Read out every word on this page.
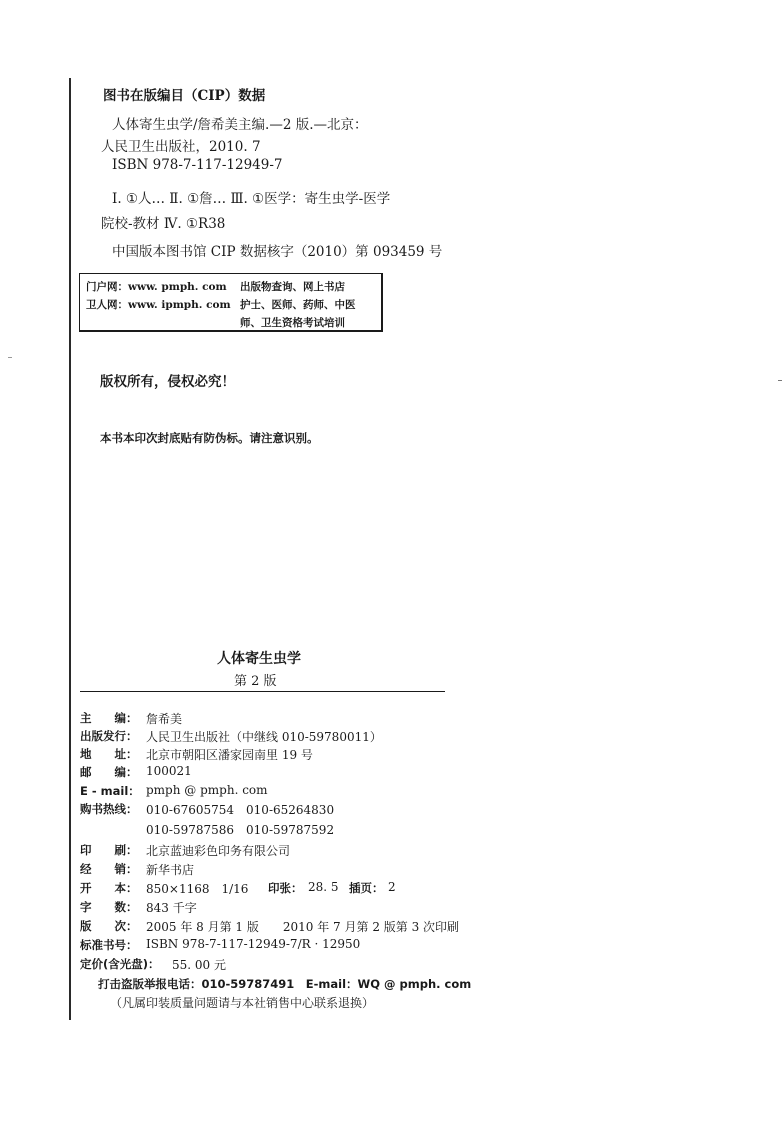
图书在版编目（CIP）数据
人体寄生虫学/詹希美主编.—2 版.—北京：
人民卫生出版社，2010. 7
ISBN 978-7-117-12949-7
Ⅰ. ①人… Ⅱ. ①詹… Ⅲ. ①医学：寄生虫学-医学
院校-教材 Ⅳ. ①R38
中国版本图书馆 CIP 数据核字（2010）第 093459 号
门户网：www. pmph. com 出版物查询、网上书店
卫人网：www. ipmph. com 护士、医师、药师、中医
师、卫生资格考试培训
版权所有，侵权必究！
本书本印次封底贴有防伪标。请注意识别。
人体寄生虫学
第 2 版
主　　编： 詹希美
出版发行： 人民卫生出版社（中继线 010-59780011）
地　　址： 北京市朝阳区潘家园南里 19 号
邮　　编： 100021
E - mail： pmph @ pmph. com
购书热线： 010-67605754　010-65264830
010-59787586　010-59787592
印　　刷： 北京蓝迪彩色印务有限公司
经　　销： 新华书店
开　　本： 850×1168　1/16 印张： 28. 5 插页： 2
字　　数： 843 千字
版　　次： 2005 年 8 月第 1 版　　2010 年 7 月第 2 版第 3 次印刷
标准书号： ISBN 978-7-117-12949-7/R · 12950
定价(含光盘)： 55. 00 元
打击盗版举报电话：010-59787491　E-mail：WQ @ pmph. com
（凡属印装质量问题请与本社销售中心联系退换）
